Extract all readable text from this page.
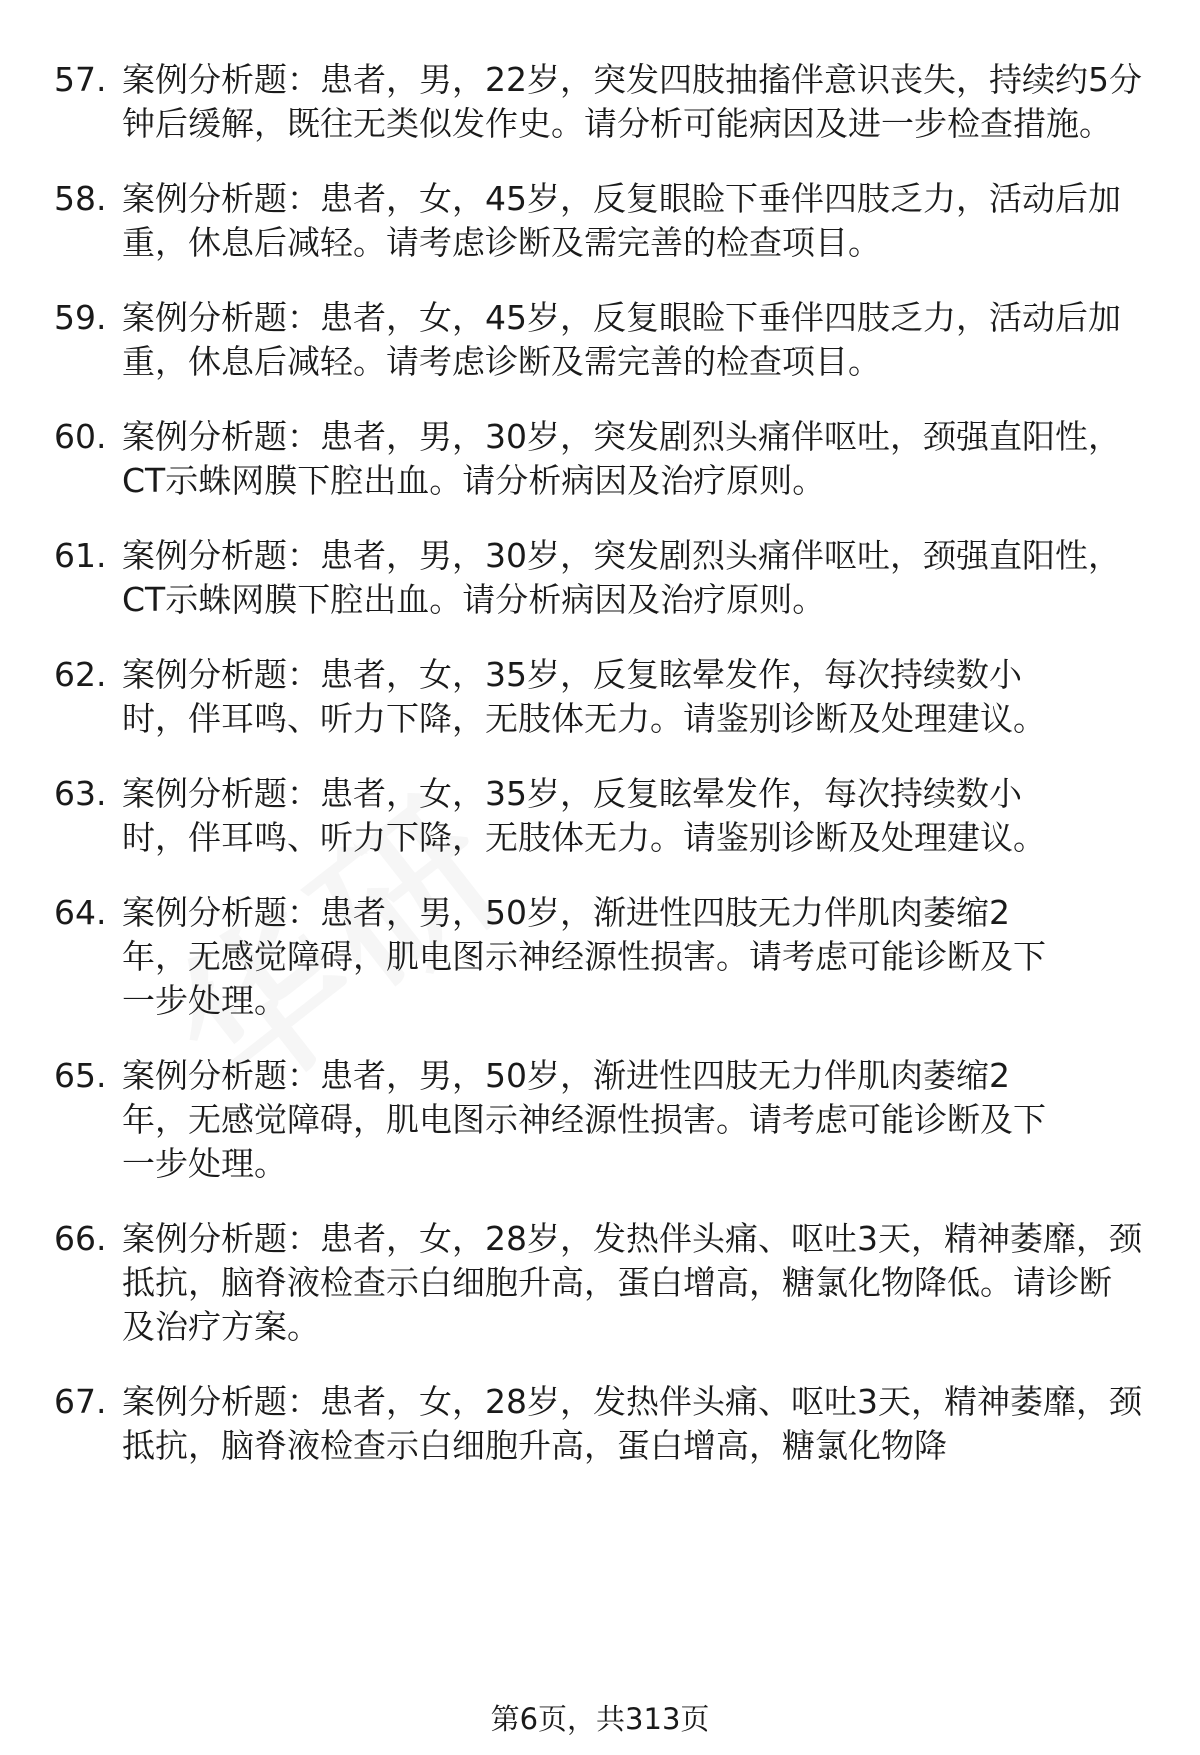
57. 案例分析题：患者，男，22岁，突发四肢抽搐伴意识丧失，持续约5分钟后缓解，既往无类似发作史。请分析可能病因及进一步检查措施。
58. 案例分析题：患者，女，45岁，反复眼睑下垂伴四肢乏力，活动后加重，休息后减轻。请考虑诊断及需完善的检查项目。
59. 案例分析题：患者，女，45岁，反复眼睑下垂伴四肢乏力，活动后加重，休息后减轻。请考虑诊断及需完善的检查项目。
60. 案例分析题：患者，男，30岁，突发剧烈头痛伴呕吐，颈强直阳性，CT示蛛网膜下腔出血。请分析病因及治疗原则。
61. 案例分析题：患者，男，30岁，突发剧烈头痛伴呕吐，颈强直阳性，CT示蛛网膜下腔出血。请分析病因及治疗原则。
62. 案例分析题：患者，女，35岁，反复眩晕发作，每次持续数小
时，伴耳鸣、听力下降，无肢体无力。请鉴别诊断及处理建议。
63. 案例分析题：患者，女，35岁，反复眩晕发作，每次持续数小
时，伴耳鸣、听力下降，无肢体无力。请鉴别诊断及处理建议。
64. 案例分析题：患者，男，50岁，渐进性四肢无力伴肌肉萎缩2
年，无感觉障碍，肌电图示神经源性损害。请考虑可能诊断及下
一步处理。
65. 案例分析题：患者，男，50岁，渐进性四肢无力伴肌肉萎缩2
年，无感觉障碍，肌电图示神经源性损害。请考虑可能诊断及下
一步处理。
66. 案例分析题：患者，女，28岁，发热伴头痛、呕吐3天，精神萎靡，颈抵抗，脑脊液检查示白细胞升高，蛋白增高，糖氯化物降低。请诊断及治疗方案。
67. 案例分析题：患者，女，28岁，发热伴头痛、呕吐3天，精神萎靡，颈抵抗，脑脊液检查示白细胞升高，蛋白增高，糖氯化物降
第6页，共313页
